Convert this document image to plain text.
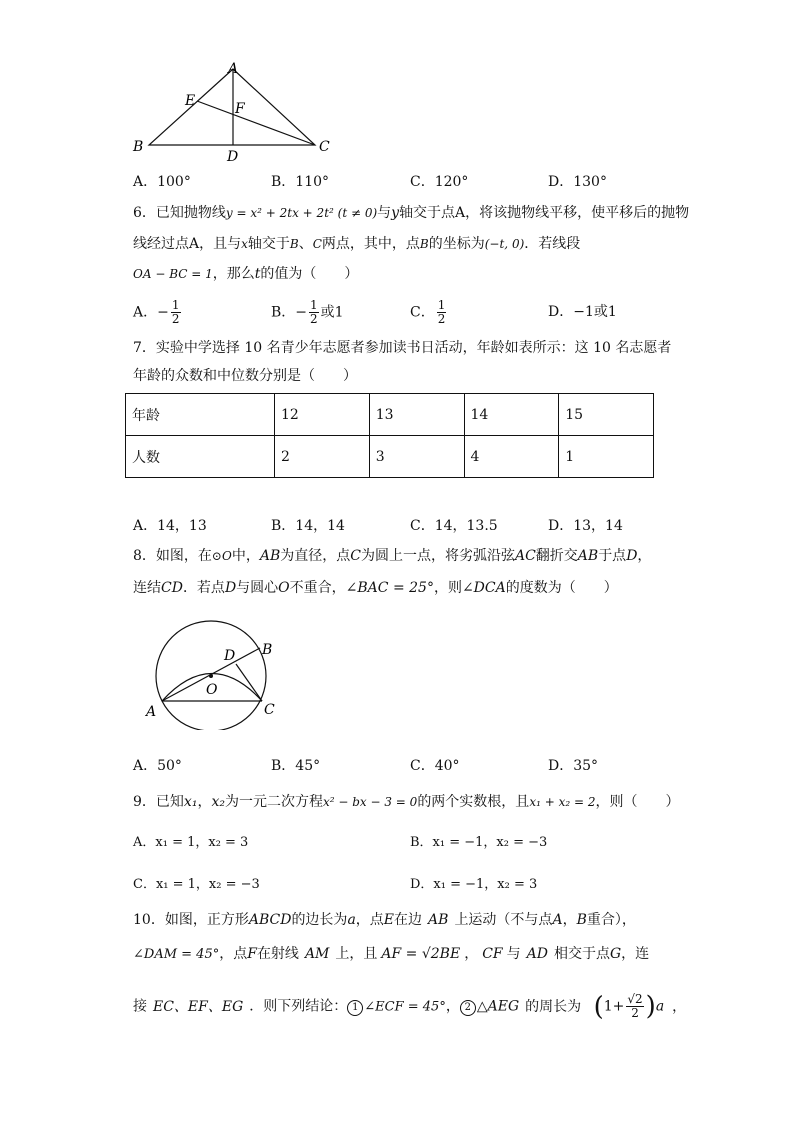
A
E	F
B
D
C
A．100°	B．110°	C．120°	D．130°
6．已知抛物线y = x² + 2tx + 2t² (t ≠ 0)与y轴交于点A，将该抛物线平移，使平移后的抛物
线经过点A，且与x轴交于B、C两点，其中，点B的坐标为(−t, 0)．若线段
OA − BC = 1，那么t的值为（　　）
A．− $\frac{1}{2}$	B．− $\frac{1}{2}$ 或1	C． $\frac{1}{2}$	D．−1或1
7．实验中学选择 10 名青少年志愿者参加读书日活动，年龄如表所示：这 10 名志愿者
年龄的众数和中位数分别是（　　）
年龄	12	13	14	15
人数	2	3	4	1
A．14，13	B．14，14	C．14，13.5	D．13，14
8．如图，在⊙O中，AB为直径，点C为圆上一点，将劣弧沿弦AC翻折交AB于点D，
连结CD．若点D与圆心O不重合，∠BAC = 25°，则∠DCA的度数为（　　）
D B
O
A	C
A．50°	B．45°	C．40°	D．35°
9．已知x₁，x₂为一元二次方程x² − bx − 3 = 0的两个实数根，且x₁ + x₂ = 2，则（　　）
A．x₁ = 1，x₂ = 3	B．x₁ = −1，x₂ = −3
C．x₁ = 1，x₂ = −3	D．x₁ = −1，x₂ = 3
10．如图，正方形ABCD的边长为a，点E在边 AB 上运动（不与点A，B重合），
∠DAM = 45°，点F在射线 AM 上，且 AF = √2BE ， CF 与 AD 相交于点G，连
接 EC、EF、EG ．则下列结论： 1 ∠ECF = 45°， 2 △AEG 的周长为 $(1+ \frac{√2}{2} )a$ ，
